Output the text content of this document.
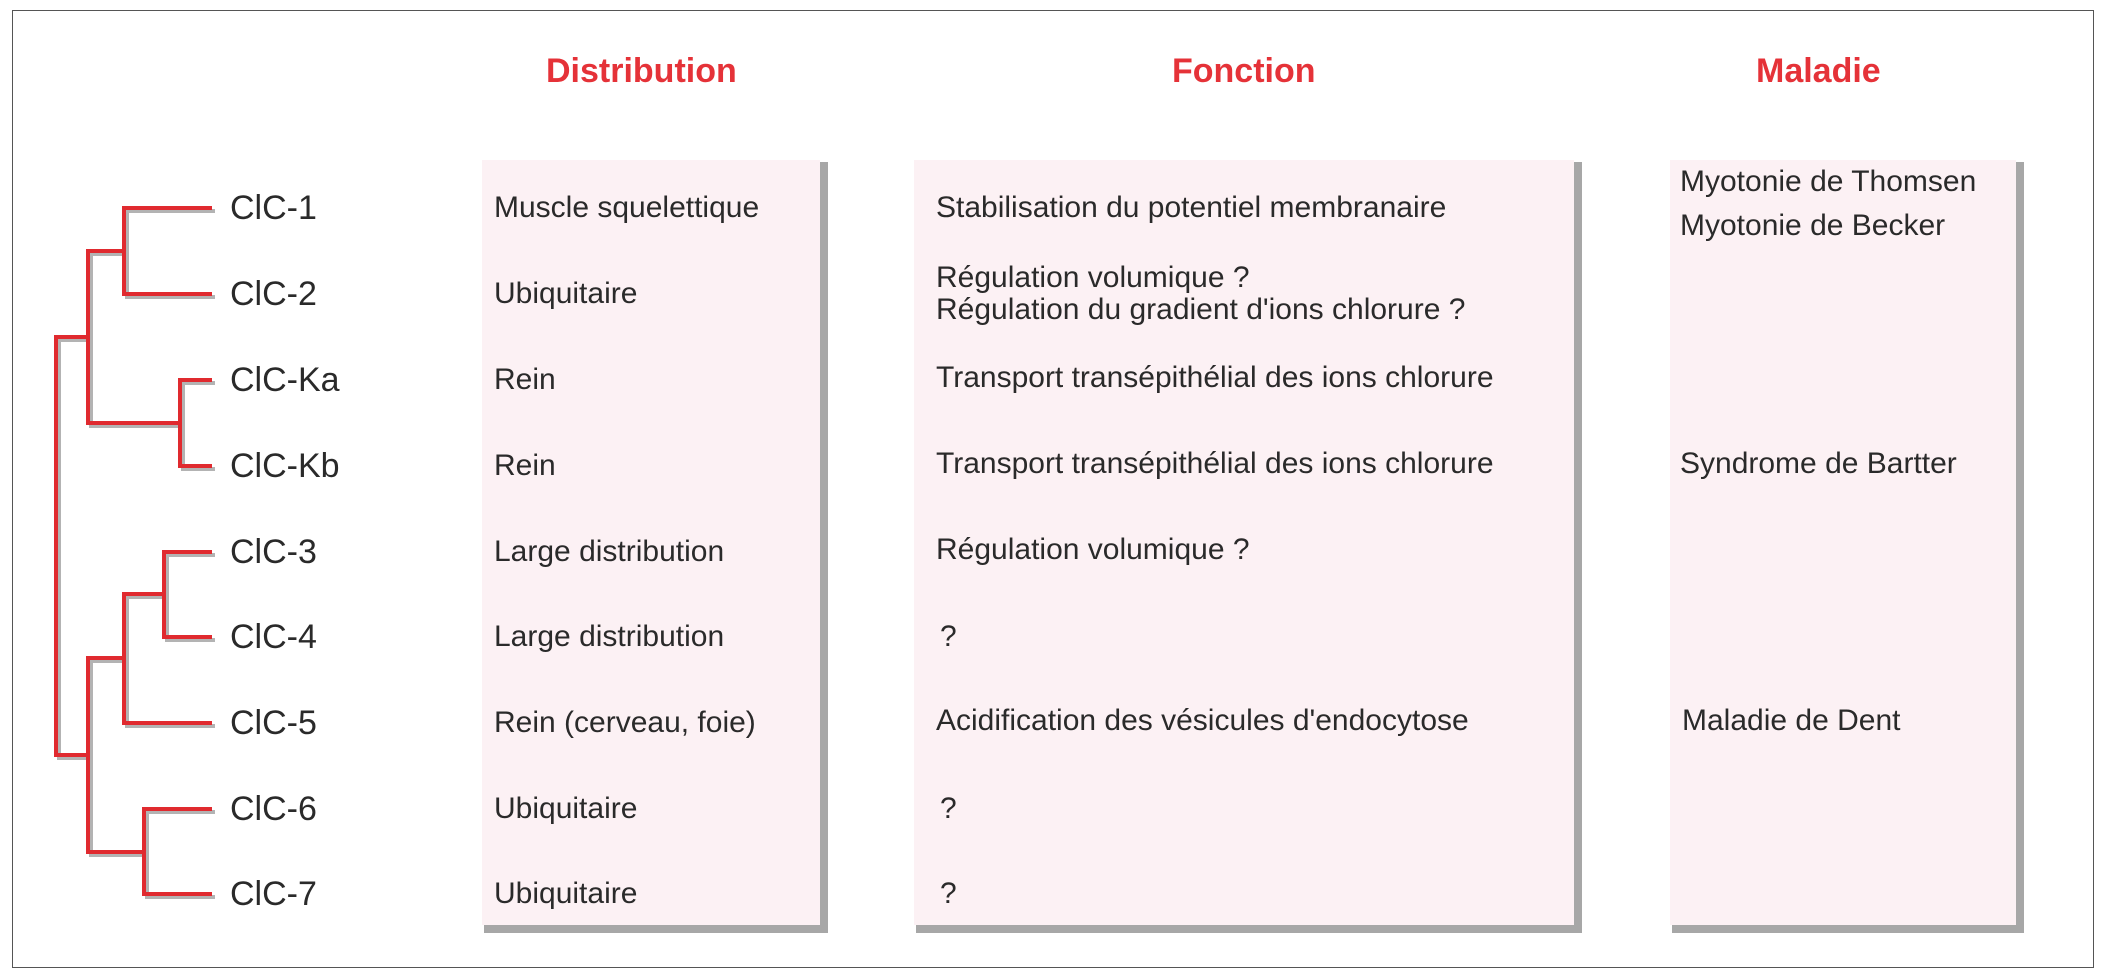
Distribution	Fonction	Maladie
ClC-1
ClC-2
ClC-Ka
ClC-Kb
ClC-3
ClC-4
ClC-5
ClC-6
ClC-7
Muscle squelettique
Ubiquitaire
Rein
Rein
Large distribution
Large distribution
Rein (cerveau, foie)
Ubiquitaire
Ubiquitaire
Stabilisation du potentiel membranaire
Régulation volumique ?
Régulation du gradient d'ions chlorure ?
Transport transépithélial des ions chlorure
Transport transépithélial des ions chlorure
Régulation volumique ?
?
Acidification des vésicules d'endocytose
?
?
Myotonie de Thomsen
Myotonie de Becker
Syndrome de Bartter
Maladie de Dent
